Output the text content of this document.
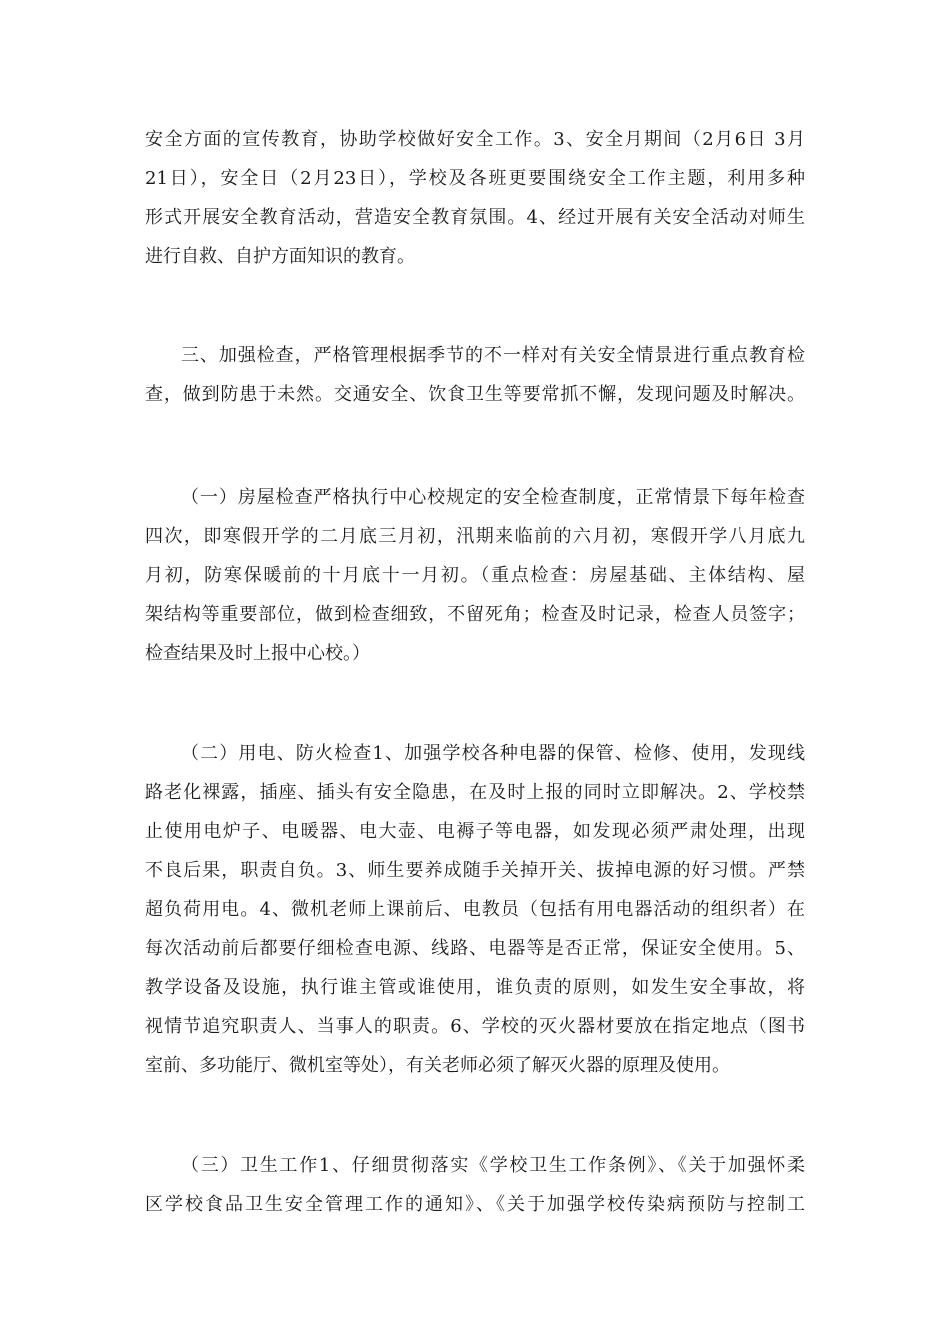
安全方面的宣传教育，协助学校做好安全工作。3、安全月期间（2月6日 3月
21日），安全日（2月23日），学校及各班更要围绕安全工作主题，利用多种
形式开展安全教育活动，营造安全教育氛围。4、经过开展有关安全活动对师生
进行自救、自护方面知识的教育。
三、加强检查，严格管理根据季节的不一样对有关安全情景进行重点教育检
查，做到防患于未然。交通安全、饮食卫生等要常抓不懈，发现问题及时解决。
（一）房屋检查严格执行中心校规定的安全检查制度，正常情景下每年检查
四次，即寒假开学的二月底三月初，汛期来临前的六月初，寒假开学八月底九
月初，防寒保暖前的十月底十一月初。（重点检查：房屋基础、主体结构、屋
架结构等重要部位，做到检查细致，不留死角；检查及时记录，检查人员签字；
检查结果及时上报中心校。）
（二）用电、防火检查1、加强学校各种电器的保管、检修、使用，发现线
路老化裸露，插座、插头有安全隐患，在及时上报的同时立即解决。2、学校禁
止使用电炉子、电暖器、电大壶、电褥子等电器，如发现必须严肃处理，出现
不良后果，职责自负。3、师生要养成随手关掉开关、拔掉电源的好习惯。严禁
超负荷用电。4、微机老师上课前后、电教员（包括有用电器活动的组织者）在
每次活动前后都要仔细检查电源、线路、电器等是否正常，保证安全使用。5、
教学设备及设施，执行谁主管或谁使用，谁负责的原则，如发生安全事故，将
视情节追究职责人、当事人的职责。6、学校的灭火器材要放在指定地点（图书
室前、多功能厅、微机室等处），有关老师必须了解灭火器的原理及使用。
（三）卫生工作1、仔细贯彻落实《学校卫生工作条例》、《关于加强怀柔
区学校食品卫生安全管理工作的通知》、《关于加强学校传染病预防与控制工
